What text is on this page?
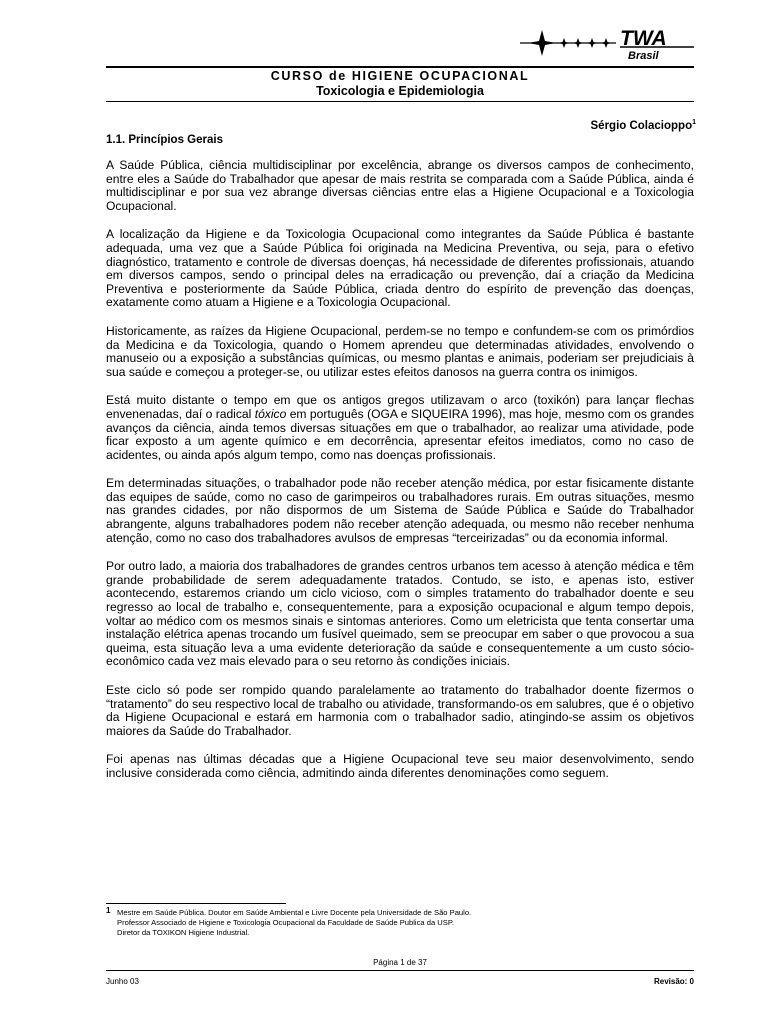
TWA
Brasil
CURSO de HIGIENE OCUPACIONAL
Toxicologia e Epidemiologia
Sérgio Colacioppo$^1$
1.1. Princípios Gerais

A Saúde Pública, ciência multidisciplinar por excelência, abrange os diversos campos de conhecimento, entre eles a Saúde do Trabalhador que apesar de mais restrita se comparada com a Saúde Pública, ainda é multidisciplinar e por sua vez abrange diversas ciências entre elas a Higiene Ocupacional e a Toxicologia Ocupacional.

A localização da Higiene e da Toxicologia Ocupacional como integrantes da Saúde Pública é bastante adequada, uma vez que a Saúde Pública foi originada na Medicina Preventiva, ou seja, para o efetivo diagnóstico, tratamento e controle de diversas doenças, há necessidade de diferentes profissionais, atuando em diversos campos, sendo o principal deles na erradicação ou prevenção, daí a criação da Medicina Preventiva e posteriormente da Saúde Pública, criada dentro do espírito de prevenção das doenças, exatamente como atuam a Higiene e a Toxicologia Ocupacional.

Historicamente, as raízes da Higiene Ocupacional, perdem-se no tempo e confundem-se com os primórdios da Medicina e da Toxicologia, quando o Homem aprendeu que determinadas atividades, envolvendo o manuseio ou a exposição a substâncias químicas, ou mesmo plantas e animais, poderiam ser prejudiciais à sua saúde e começou a proteger-se, ou utilizar estes efeitos danosos na guerra contra os inimigos.

Está muito distante o tempo em que os antigos gregos utilizavam o arco (toxikón) para lançar flechas envenenadas, daí o radical tóxico em português (OGA e SIQUEIRA 1996), mas hoje, mesmo com os grandes avanços da ciência, ainda temos diversas situações em que o trabalhador, ao realizar uma atividade, pode ficar exposto a um agente químico e em decorrência, apresentar efeitos imediatos, como no caso de acidentes, ou ainda após algum tempo, como nas doenças profissionais.

Em determinadas situações, o trabalhador pode não receber atenção médica, por estar fisicamente distante das equipes de saúde, como no caso de garimpeiros ou trabalhadores rurais. Em outras situações, mesmo nas grandes cidades, por não dispormos de um Sistema de Saúde Pública e Saúde do Trabalhador abrangente, alguns trabalhadores podem não receber atenção adequada, ou mesmo não receber nenhuma atenção, como no caso dos trabalhadores avulsos de empresas “terceirizadas” ou da economia informal.

Por outro lado, a maioria dos trabalhadores de grandes centros urbanos tem acesso à atenção médica e têm grande probabilidade de serem adequadamente tratados. Contudo, se isto, e apenas isto, estiver acontecendo, estaremos criando um ciclo vicioso, com o simples tratamento do trabalhador doente e seu regresso ao local de trabalho e, consequentemente, para a exposição ocupacional e algum tempo depois, voltar ao médico com os mesmos sinais e sintomas anteriores. Como um eletricista que tenta consertar uma instalação elétrica apenas trocando um fusível queimado, sem se preocupar em saber o que provocou a sua queima, esta situação leva a uma evidente deterioração da saúde e consequentemente a um custo sócio-econômico cada vez mais elevado para o seu retorno às condições iniciais.

Este ciclo só pode ser rompido quando paralelamente ao tratamento do trabalhador doente fizermos o “tratamento” do seu respectivo local de trabalho ou atividade, transformando-os em salubres, que é o objetivo da Higiene Ocupacional e estará em harmonia com o trabalhador sadio, atingindo-se assim os objetivos maiores da Saúde do Trabalhador.

Foi apenas nas últimas décadas que a Higiene Ocupacional teve seu maior desenvolvimento, sendo inclusive considerada como ciência, admitindo ainda diferentes denominações como seguem.

1 Mestre em Saúde Pública. Doutor em Saúde Ambiental e Livre Docente pela Universidade de São Paulo.
Professor Associado de Higiene e Toxicologia Ocupacional da Faculdade de Saúde Publica da USP.
Diretor da TOXIKON Higiene Industrial.
Página 1 de 37
Junho 03	Revisão: 0
